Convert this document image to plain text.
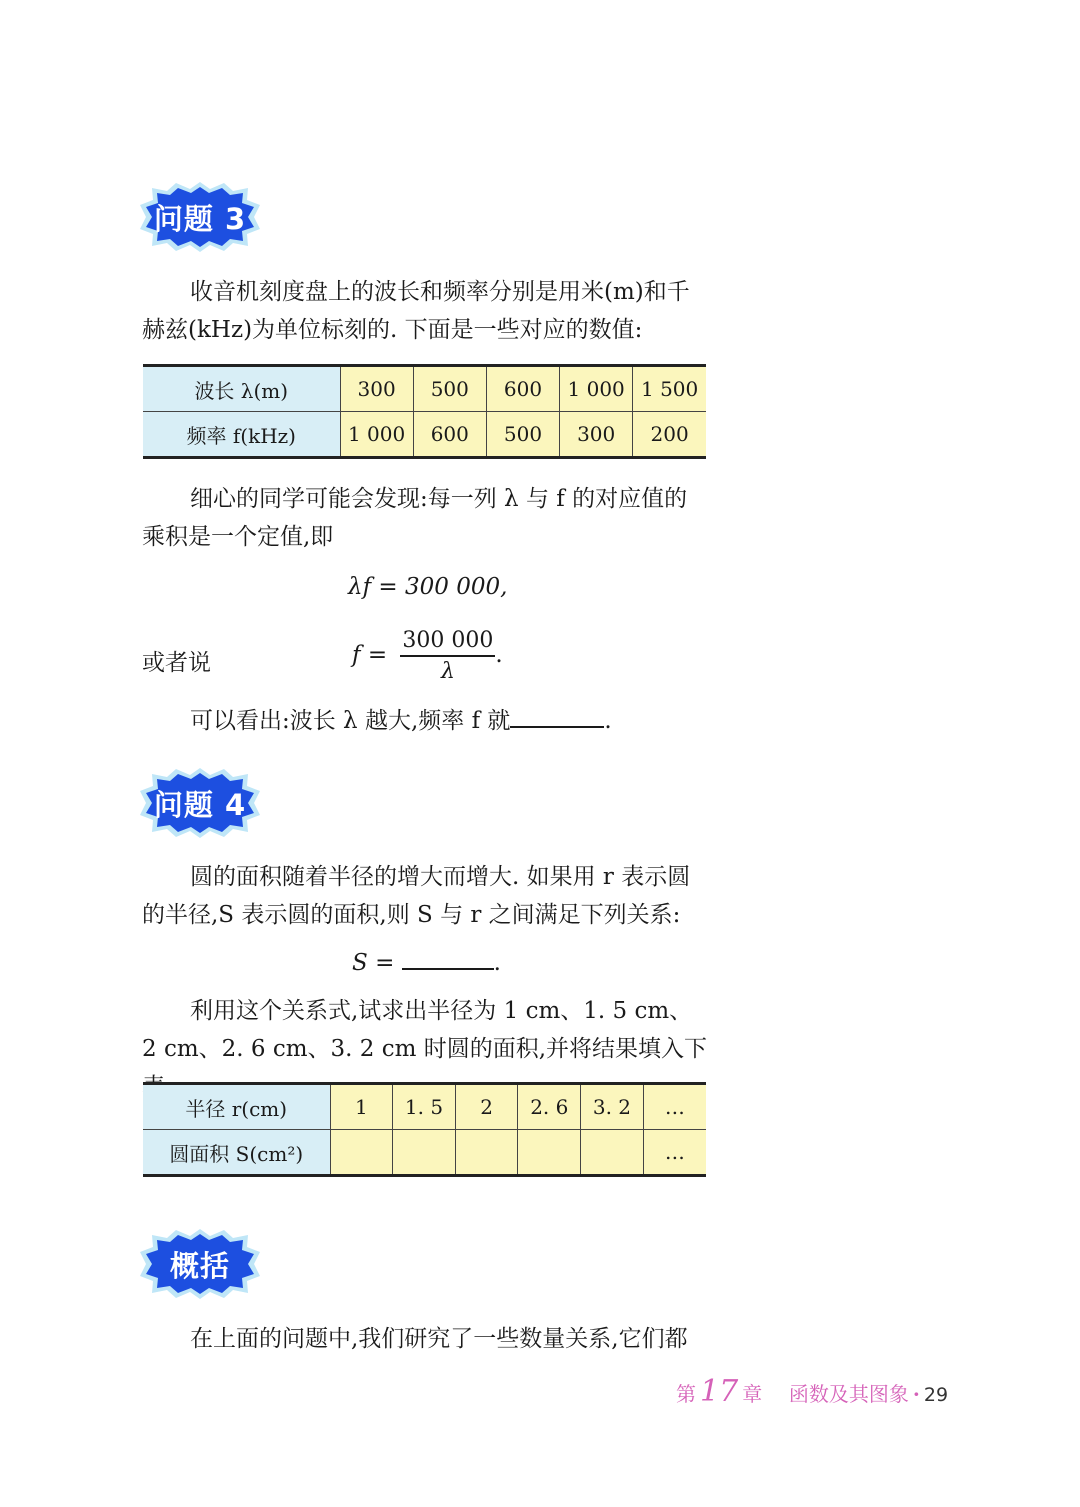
问题 3

收音机刻度盘上的波长和频率分别是用米(m)和千
赫兹(kHz)为单位标刻的. 下面是一些对应的数值:

波长 λ(m)	300	500	600	1 000	1 500
频率 f(kHz)	1 000	600	500	300	200

细心的同学可能会发现:每一列 λ 与 f 的对应值的
乘积是一个定值,即

λf = 300 000,
或者说	$f = \frac{300 000}{\lambda}$ .

可以看出:波长 λ 越大,频率 f 就	.

问题 4

圆的面积随着半径的增大而增大. 如果用 r 表示圆
的半径,S 表示圆的面积,则 S 与 r 之间满足下列关系:

S =	.

利用这个关系式,试求出半径为 1 cm、1. 5 cm、
2 cm、2. 6 cm、3. 2 cm 时圆的面积,并将结果填入下

半径 r(cm)	1	1. 5	2	2. 6	3. 2	…
圆面积 S(cm²)						…
概括

在上面的问题中,我们研究了一些数量关系,它们都

第 17 章 函数及其图象 · 29
